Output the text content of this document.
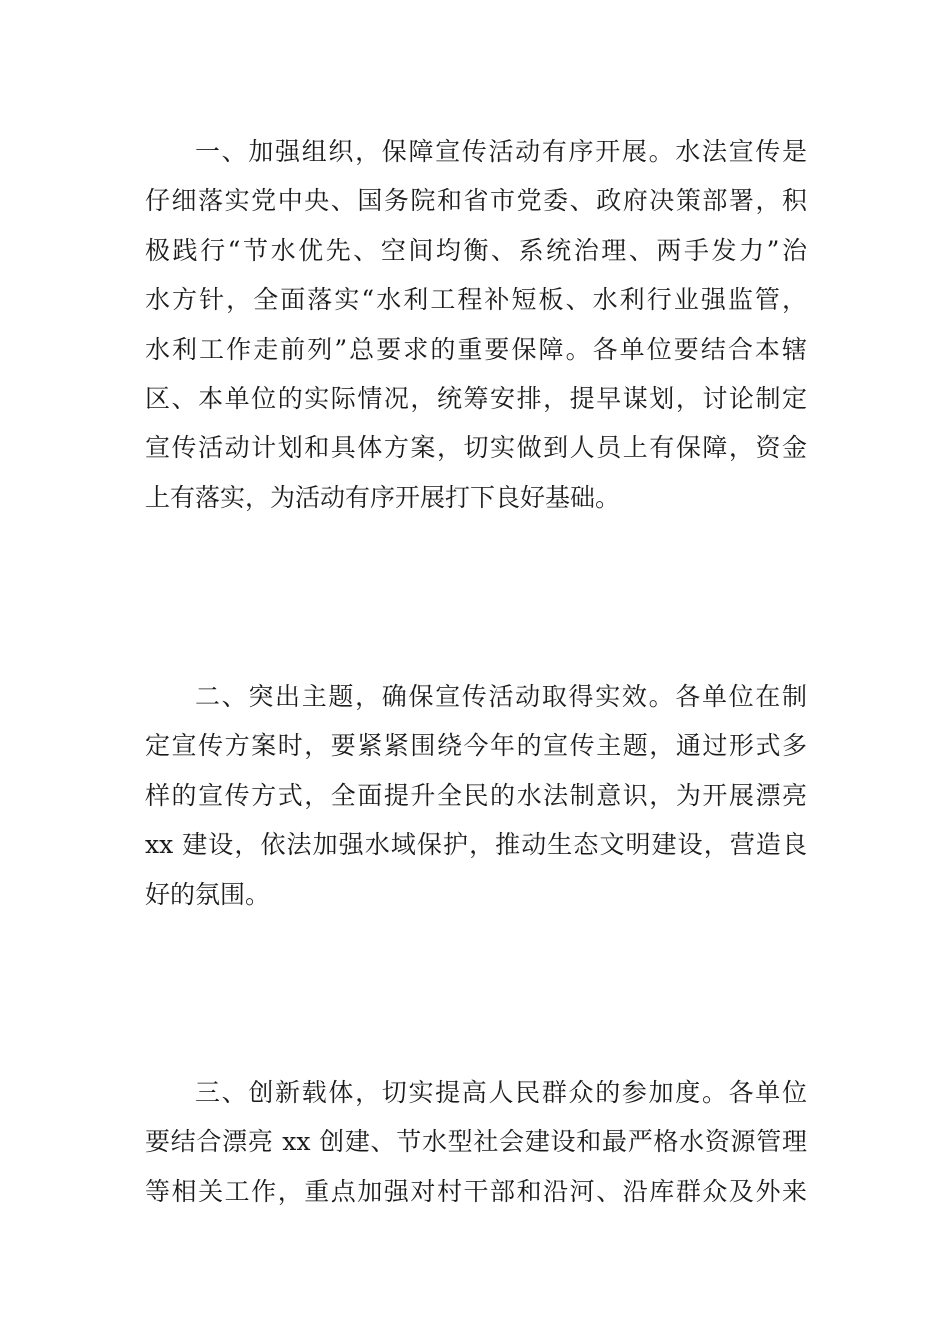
一、加强组织，保障宣传活动有序开展。水法宣传是
仔细落实党中央、国务院和省市党委、政府决策部署，积
极践行“节水优先、空间均衡、系统治理、两手发力”治
水方针，全面落实“水利工程补短板、水利行业强监管，
水利工作走前列”总要求的重要保障。各单位要结合本辖
区、本单位的实际情况，统筹安排，提早谋划，讨论制定
宣传活动计划和具体方案，切实做到人员上有保障，资金
上有落实，为活动有序开展打下良好基础。
二、突出主题，确保宣传活动取得实效。各单位在制
定宣传方案时，要紧紧围绕今年的宣传主题，通过形式多
样的宣传方式，全面提升全民的水法制意识，为开展漂亮
xx 建设，依法加强水域保护，推动生态文明建设，营造良
好的氛围。
三、创新载体，切实提高人民群众的参加度。各单位
要结合漂亮 xx 创建、节水型社会建设和最严格水资源管理
等相关工作，重点加强对村干部和沿河、沿库群众及外来
